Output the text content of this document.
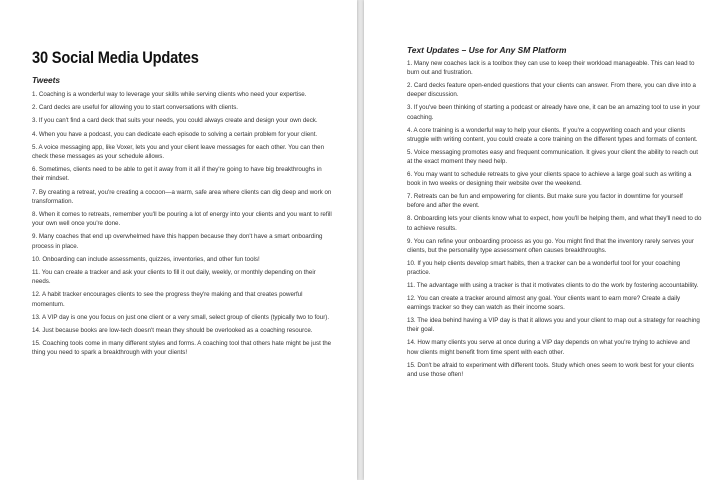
30 Social Media Updates
Tweets
1. Coaching is a wonderful way to leverage your skills while serving clients who need your expertise.
2. Card decks are useful for allowing you to start conversations with clients.
3. If you can't find a card deck that suits your needs, you could always create and design your own deck.
4. When you have a podcast, you can dedicate each episode to solving a certain problem for your client.
5. A voice messaging app, like Voxer, lets you and your client leave messages for each other. You can then check these messages as your schedule allows.
6. Sometimes, clients need to be able to get it away from it all if they're going to have big breakthroughs in their mindset.
7. By creating a retreat, you're creating a cocoon—a warm, safe area where clients can dig deep and work on transformation.
8. When it comes to retreats, remember you'll be pouring a lot of energy into your clients and you want to refill your own well once you're done.
9. Many coaches that end up overwhelmed have this happen because they don't have a smart onboarding process in place.
10. Onboarding can include assessments, quizzes, inventories, and other fun tools!
11. You can create a tracker and ask your clients to fill it out daily, weekly, or monthly depending on their needs.
12. A habit tracker encourages clients to see the progress they're making and that creates powerful momentum.
13. A VIP day is one you focus on just one client or a very small, select group of clients (typically two to four).
14. Just because books are low-tech doesn't mean they should be overlooked as a coaching resource.
15. Coaching tools come in many different styles and forms. A coaching tool that others hate might be just the thing you need to spark a breakthrough with your clients!
Text Updates – Use for Any SM Platform
1. Many new coaches lack is a toolbox they can use to keep their workload manageable. This can lead to burn out and frustration.
2. Card decks feature open-ended questions that your clients can answer. From there, you can dive into a deeper discussion.
3. If you've been thinking of starting a podcast or already have one, it can be an amazing tool to use in your coaching.
4. A core training is a wonderful way to help your clients. If you're a copywriting coach and your clients struggle with writing content, you could create a core training on the different types and formats of content.
5. Voice messaging promotes easy and frequent communication. It gives your client the ability to reach out at the exact moment they need help.
6. You may want to schedule retreats to give your clients space to achieve a large goal such as writing a book in two weeks or designing their website over the weekend.
7. Retreats can be fun and empowering for clients. But make sure you factor in downtime for yourself before and after the event.
8. Onboarding lets your clients know what to expect, how you'll be helping them, and what they'll need to do to achieve results.
9. You can refine your onboarding process as you go. You might find that the inventory rarely serves your clients, but the personality type assessment often causes breakthroughs.
10. If you help clients develop smart habits, then a tracker can be a wonderful tool for your coaching practice.
11. The advantage with using a tracker is that it motivates clients to do the work by fostering accountability.
12. You can create a tracker around almost any goal. Your clients want to earn more? Create a daily earnings tracker so they can watch as their income soars.
13. The idea behind having a VIP day is that it allows you and your client to map out a strategy for reaching their goal.
14. How many clients you serve at once during a VIP day depends on what you're trying to achieve and how clients might benefit from time spent with each other.
15. Don't be afraid to experiment with different tools. Study which ones seem to work best for your clients and use those often!
